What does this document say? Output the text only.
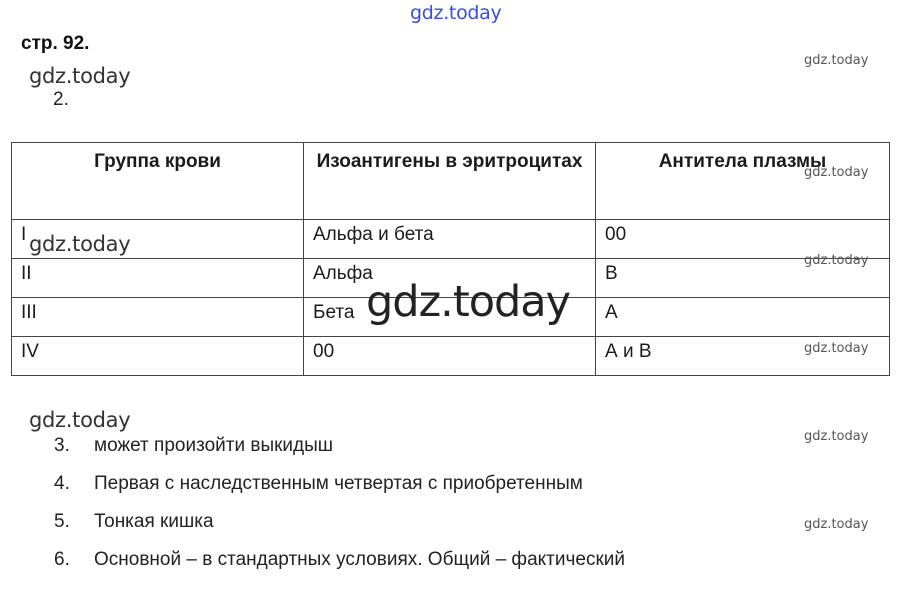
gdz.today
стр. 92.
gdz.today
gdz.today
2.
Группа крови	Изоантигены в эритроцитах	Антитела плазмы
I	Альфа и бета	00
II	Альфа	В
III	Бета	А
IV	00	А и В
gdz.today
gdz.today
gdz.today
gdz.today
gdz.today
gdz.today
gdz.today
3. может произойти выкидыш
4. Первая с наследственным четвертая с приобретенным
5. Тонкая кишка	gdz.today
6. Основной – в стандартных условиях. Общий – фактический
